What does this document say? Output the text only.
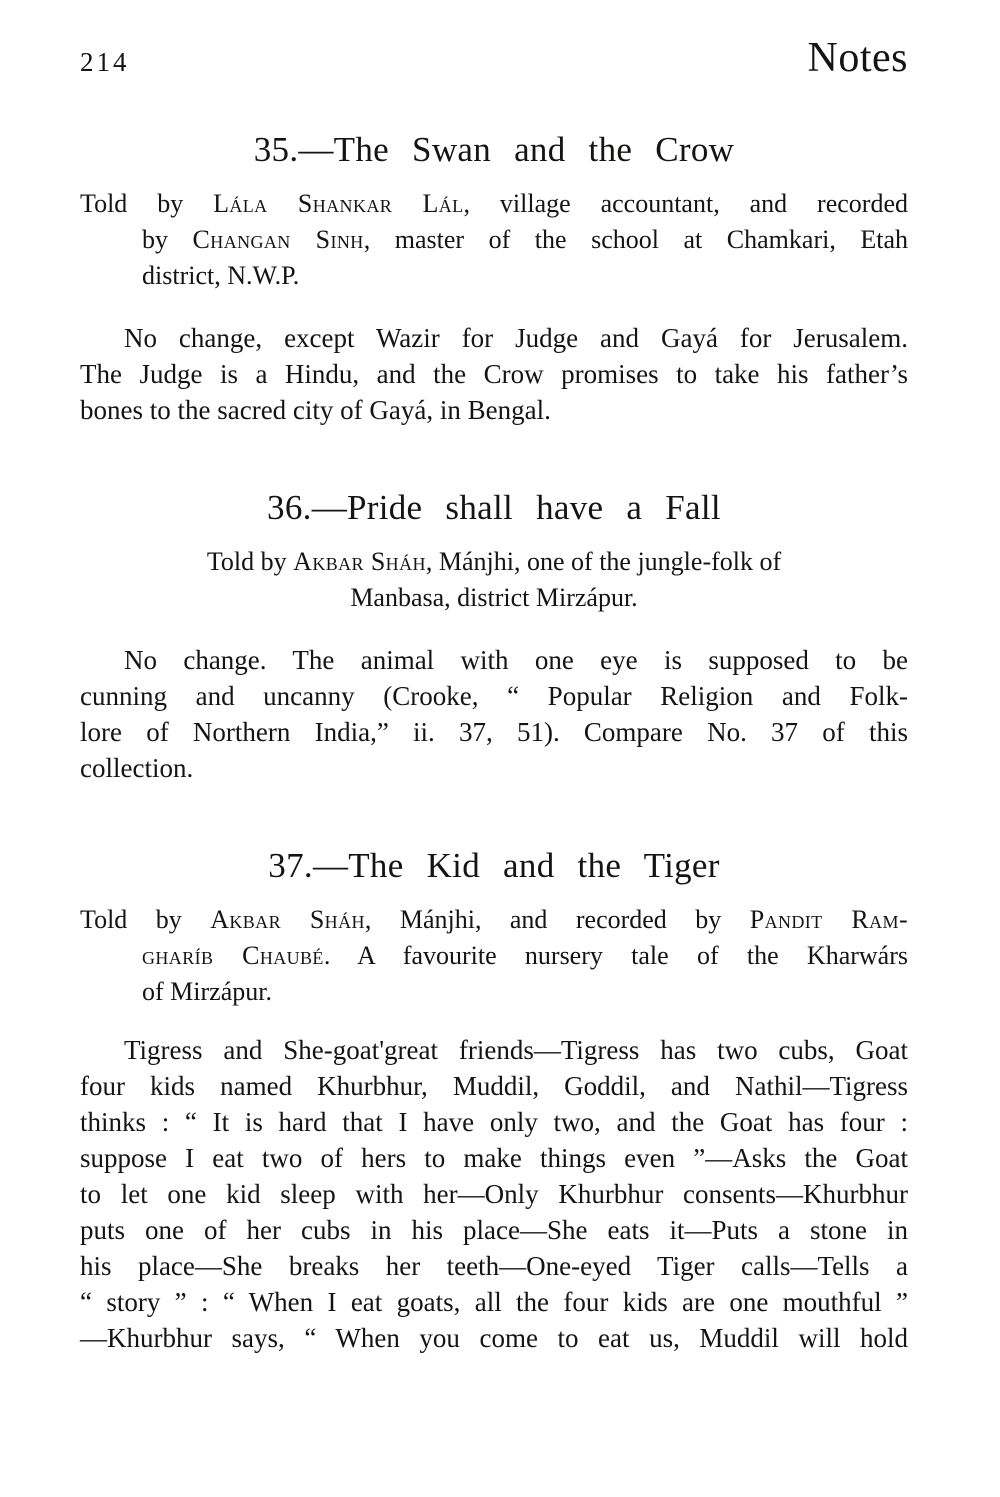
214	Notes
35.—The Swan and the Crow
Told by Lála Shankar Lál, village accountant, and recorded
by Changan Sinh, master of the school at Chamkari, Etah
district, N.W.P.
No change, except Wazir for Judge and Gayá for Jerusalem.
The Judge is a Hindu, and the Crow promises to take his father’s
bones to the sacred city of Gayá, in Bengal.
36.—Pride shall have a Fall
Told by Akbar Sháh, Mánjhi, one of the jungle-folk of
Manbasa, district Mirzápur.
No change. The animal with one eye is supposed to be
cunning and uncanny (Crooke, “ Popular Religion and Folk-
lore of Northern India,” ii. 37, 51). Compare No. 37 of this
collection.
37.—The Kid and the Tiger
Told by Akbar Sháh, Mánjhi, and recorded by Pandit Ram-
gharíb Chaubé. A favourite nursery tale of the Kharwárs
of Mirzápur.
Tigress and She-goat'great friends—Tigress has two cubs, Goat
four kids named Khurbhur, Muddil, Goddil, and Nathil—Tigress
thinks : “ It is hard that I have only two, and the Goat has four :
suppose I eat two of hers to make things even ”—Asks the Goat
to let one kid sleep with her—Only Khurbhur consents—Khurbhur
puts one of her cubs in his place—She eats it—Puts a stone in
his place—She breaks her teeth—One-eyed Tiger calls—Tells a
“ story ” : “ When I eat goats, all the four kids are one mouthful ”
—Khurbhur says, “ When you come to eat us, Muddil will hold
